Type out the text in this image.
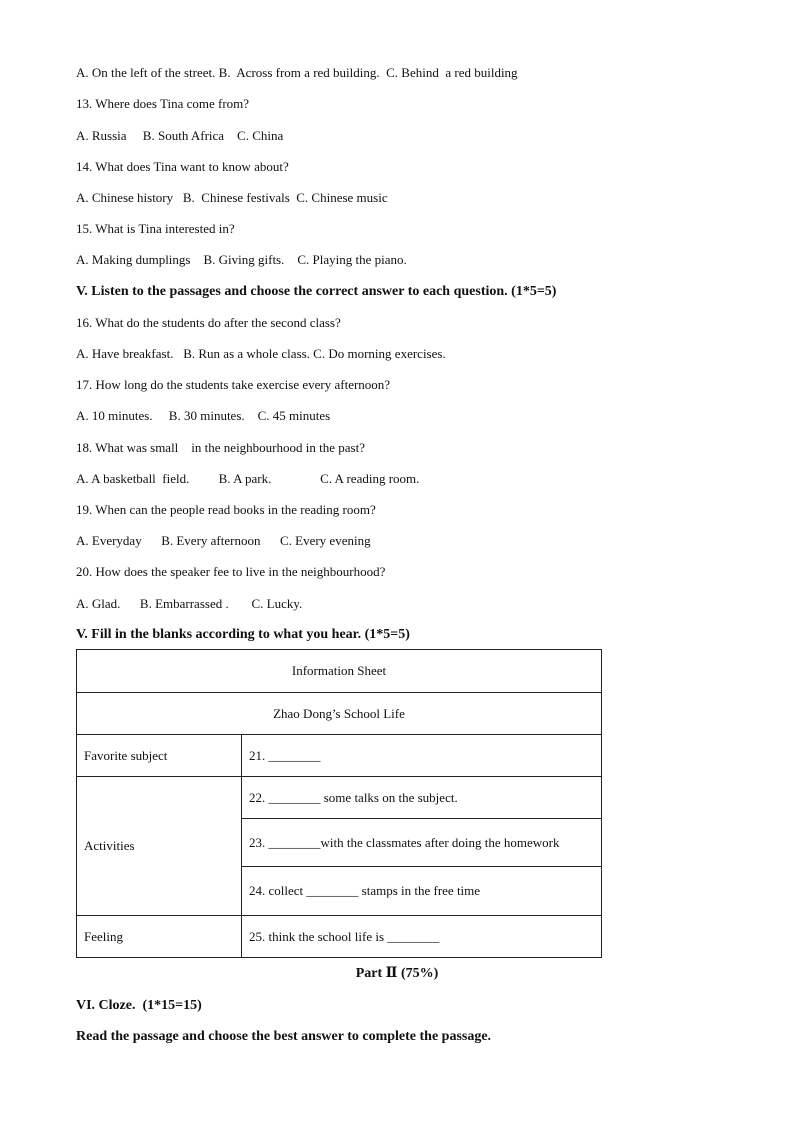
A. On the left of the street. B.  Across from a red building.  C. Behind  a red building
13. Where does Tina come from?
A. Russia     B. South Africa    C. China
14. What does Tina want to know about?
A. Chinese history   B.  Chinese festivals  C. Chinese music
15. What is Tina interested in?
A. Making dumplings    B. Giving gifts.    C. Playing the piano.
V. Listen to the passages and choose the correct answer to each question. (1*5=5)
16. What do the students do after the second class?
A. Have breakfast.   B. Run as a whole class. C. Do morning exercises.
17. How long do the students take exercise every afternoon?
A. 10 minutes.     B. 30 minutes.    C. 45 minutes
18. What was small    in the neighbourhood in the past?
A. A basketball  field.         B. A park.               C. A reading room.
19. When can the people read books in the reading room?
A. Everyday      B. Every afternoon      C. Every evening
20. How does the speaker fee to live in the neighbourhood?
A. Glad.      B. Embarrassed .       C. Lucky.
V. Fill in the blanks according to what you hear. (1*5=5)
Information Sheet	
Zhao Dong’s School Life	
Favorite subject	21. ________
Activities	22. ________ some talks on the subject.
	23. ________with the classmates after doing the homework
	24. collect ________ stamps in the free time
Feeling	25. think the school life is ________
Part Ⅱ (75%)
VI. Cloze.  (1*15=15)
Read the passage and choose the best answer to complete the passage.
